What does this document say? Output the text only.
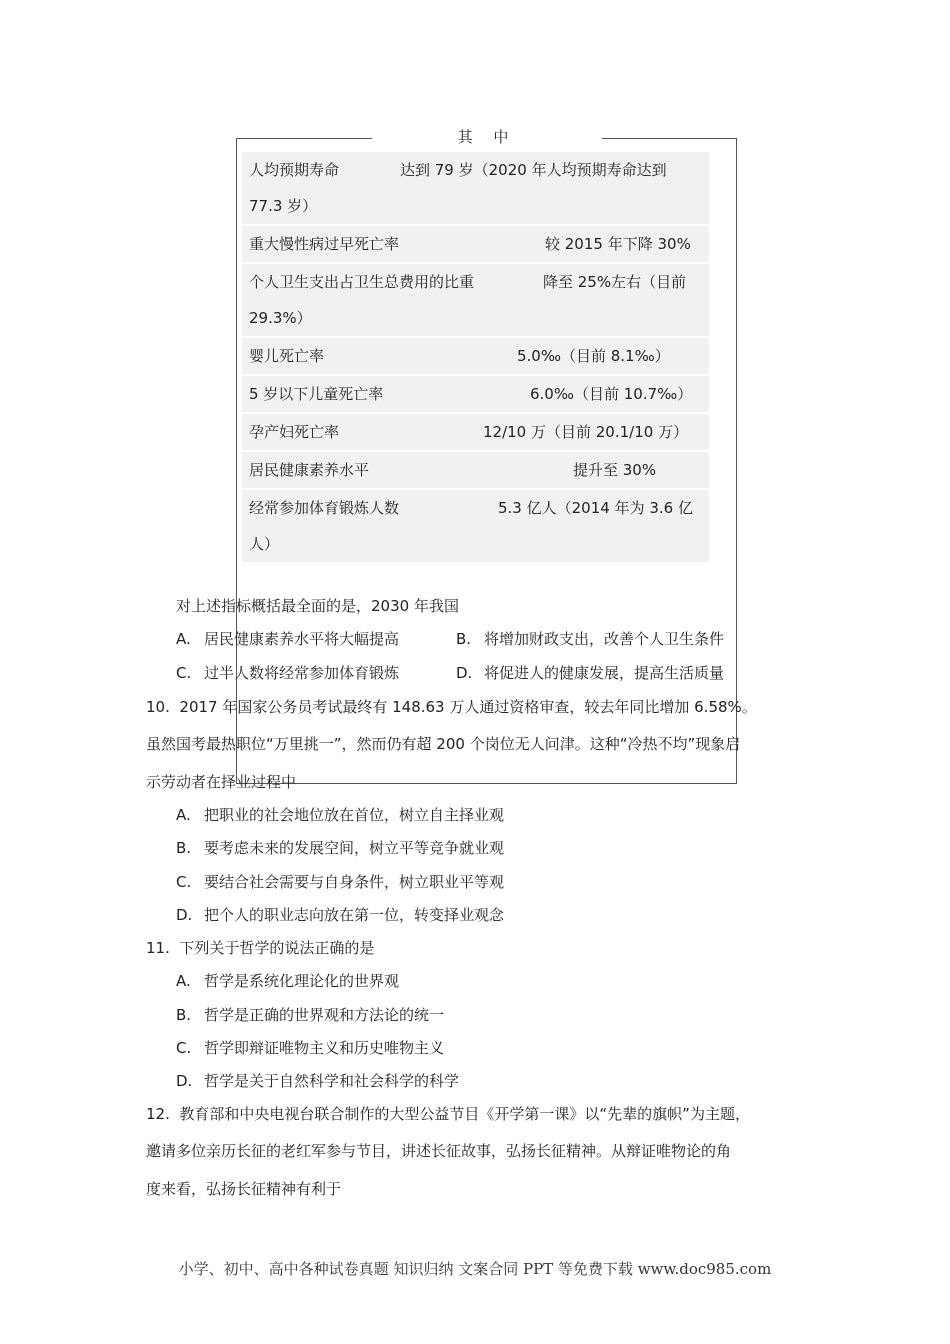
其 中
人均预期寿命	达到 79 岁（2020 年人均预期寿命达到
77.3 岁）
重大慢性病过早死亡率	较 2015 年下降 30%
个人卫生支出占卫生总费用的比重	降至 25%左右（目前
29.3%）
婴儿死亡率	5.0‰（目前 8.1‰）
5 岁以下儿童死亡率	6.0‰（目前 10.7‰）
孕产妇死亡率	12/10 万（目前 20.1/10 万）
居民健康素养水平	提升至 30%
经常参加体育锻炼人数	5.3 亿人（2014 年为 3.6 亿
人）
对上述指标概括最全面的是，2030 年我国
A. 居民健康素养水平将大幅提高	B. 将增加财政支出，改善个人卫生条件
C. 过半人数将经常参加体育锻炼	D. 将促进人的健康发展，提高生活质量
10. 2017 年国家公务员考试最终有 148.63 万人通过资格审查，较去年同比增加 6.58%。
虽然国考最热职位“万里挑一”，然而仍有超 200 个岗位无人问津。这种“冷热不均”现象启
示劳动者在择业过程中
A. 把职业的社会地位放在首位，树立自主择业观
B. 要考虑未来的发展空间，树立平等竞争就业观
C. 要结合社会需要与自身条件，树立职业平等观
D. 把个人的职业志向放在第一位，转变择业观念
11. 下列关于哲学的说法正确的是
A. 哲学是系统化理论化的世界观
B. 哲学是正确的世界观和方法论的统一
C. 哲学即辩证唯物主义和历史唯物主义
D. 哲学是关于自然科学和社会科学的科学
12. 教育部和中央电视台联合制作的大型公益节目《开学第一课》以“先辈的旗帜”为主题，
邀请多位亲历长征的老红军参与节目，讲述长征故事，弘扬长征精神。从辩证唯物论的角
度来看，弘扬长征精神有利于
小学、初中、高中各种试卷真题 知识归纳 文案合同 PPT 等免费下载 www.doc985.com
